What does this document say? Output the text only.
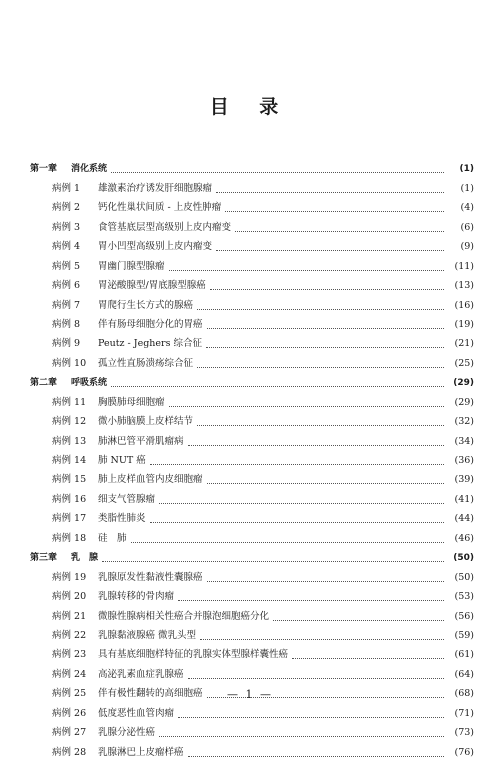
目 录
第一章 消化系统	(1)
病例 1	雄激素治疗诱发肝细胞腺瘤	(1)
病例 2	钙化性巢状间质 - 上皮性肿瘤	(4)
病例 3	食管基底层型高级别上皮内瘤变	(6)
病例 4	胃小凹型高级别上皮内瘤变	(9)
病例 5	胃幽门腺型腺瘤	(11)
病例 6	胃泌酸腺型/胃底腺型腺癌	(13)
病例 7	胃爬行生长方式的腺癌	(16)
病例 8	伴有肠母细胞分化的胃癌	(19)
病例 9	Peutz - Jeghers 综合征	(21)
病例 10	孤立性直肠溃疡综合征	(25)
第二章 呼吸系统	(29)
病例 11	胸膜肺母细胞瘤	(29)
病例 12	微小肺脑膜上皮样结节	(32)
病例 13	肺淋巴管平滑肌瘤病	(34)
病例 14	肺 NUT 癌	(36)
病例 15	肺上皮样血管内皮细胞瘤	(39)
病例 16	细支气管腺瘤	(41)
病例 17	类脂性肺炎	(44)
病例 18	硅　肺	(46)
第三章 乳　腺	(50)
病例 19	乳腺原发性黏液性囊腺癌	(50)
病例 20	乳腺转移的骨肉瘤	(53)
病例 21	微腺性腺病相关性癌合并腺泡细胞癌分化	(56)
病例 22	乳腺黏液腺癌 微乳头型	(59)
病例 23	具有基底细胞样特征的乳腺实体型腺样囊性癌	(61)
病例 24	高泌乳素血症乳腺癌	(64)
病例 25	伴有极性翻转的高细胞癌	(68)
病例 26	低度恶性血管肉瘤	(71)
病例 27	乳腺分泌性癌	(73)
病例 28	乳腺淋巴上皮瘤样癌	(76)
— 1 —
